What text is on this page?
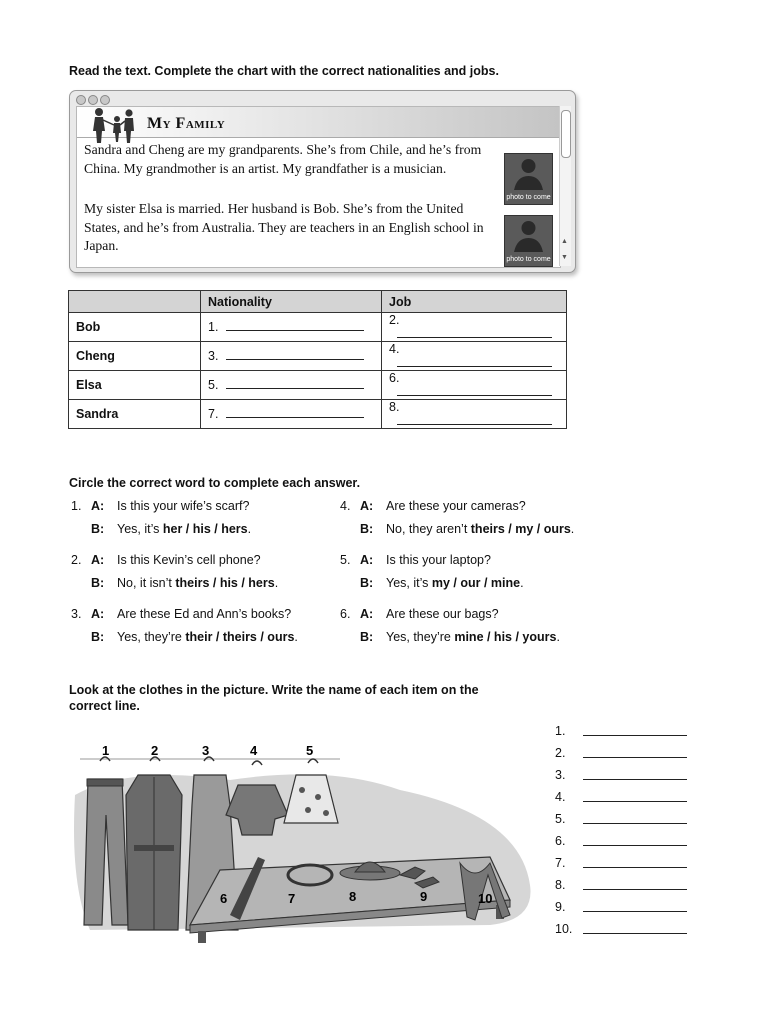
Read the text. Complete the chart with the correct nationalities and jobs.
My Family
Sandra and Cheng are my grandparents. She’s from Chile, and he’s from China. My grandmother is an artist. My grandfather is a musician.
My sister Elsa is married. Her husband is Bob. She’s from the United States, and he’s from Australia. They are teachers in an English school in Japan.
photo to come
photo to come
▲
▼
	Nationality	Job
Bob	1.	2.
Cheng	3.	4.
Elsa	5.	6.
Sandra	7.	8.
Circle the correct word to complete each answer.
1. A: Is this your wife’s scarf?
B: Yes, it’s her / his / hers.
2. A: Is this Kevin’s cell phone?
B: No, it isn’t theirs / his / hers.
3. A: Are these Ed and Ann’s books?
B: Yes, they’re their / theirs / ours.
4. A: Are these your cameras?
B: No, they aren’t theirs / my / ours.
5. A: Is this your laptop?
B: Yes, it’s my / our / mine.
6. A: Are these our bags?
B: Yes, they’re mine / his / yours.
Look at the clothes in the picture. Write the name of each item on the correct line.
1	2	3	4	5
6	7	8	9	10
1.
2.
3.
4.
5.
6.
7.
8.
9.
10.
